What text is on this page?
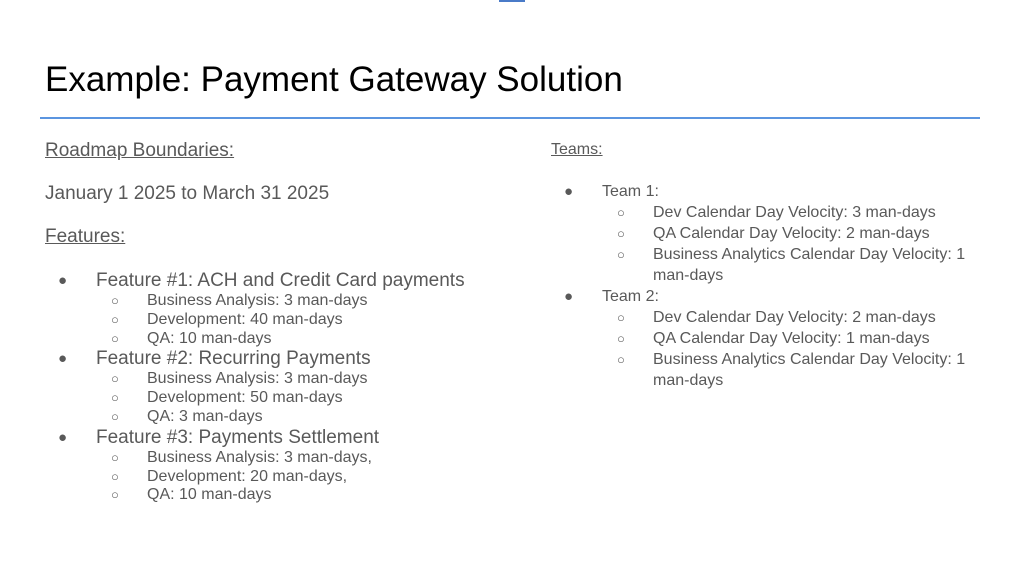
Example: Payment Gateway Solution
Roadmap Boundaries:
January 1 2025 to March 31 2025
Features:
● Feature #1: ACH and Credit Card payments
○ Business Analysis: 3 man-days
○ Development: 40 man-days
○ QA: 10 man-days
● Feature #2: Recurring Payments
○ Business Analysis: 3 man-days
○ Development: 50 man-days
○ QA: 3 man-days
● Feature #3: Payments Settlement
○ Business Analysis: 3 man-days,
○ Development: 20 man-days,
○ QA: 10 man-days
Teams:
● Team 1:
○ Dev Calendar Day Velocity: 3 man-days
○ QA Calendar Day Velocity: 2 man-days
○ Business Analytics Calendar Day Velocity: 1 man-days
● Team 2:
○ Dev Calendar Day Velocity: 2 man-days
○ QA Calendar Day Velocity: 1 man-days
○ Business Analytics Calendar Day Velocity: 1 man-days
